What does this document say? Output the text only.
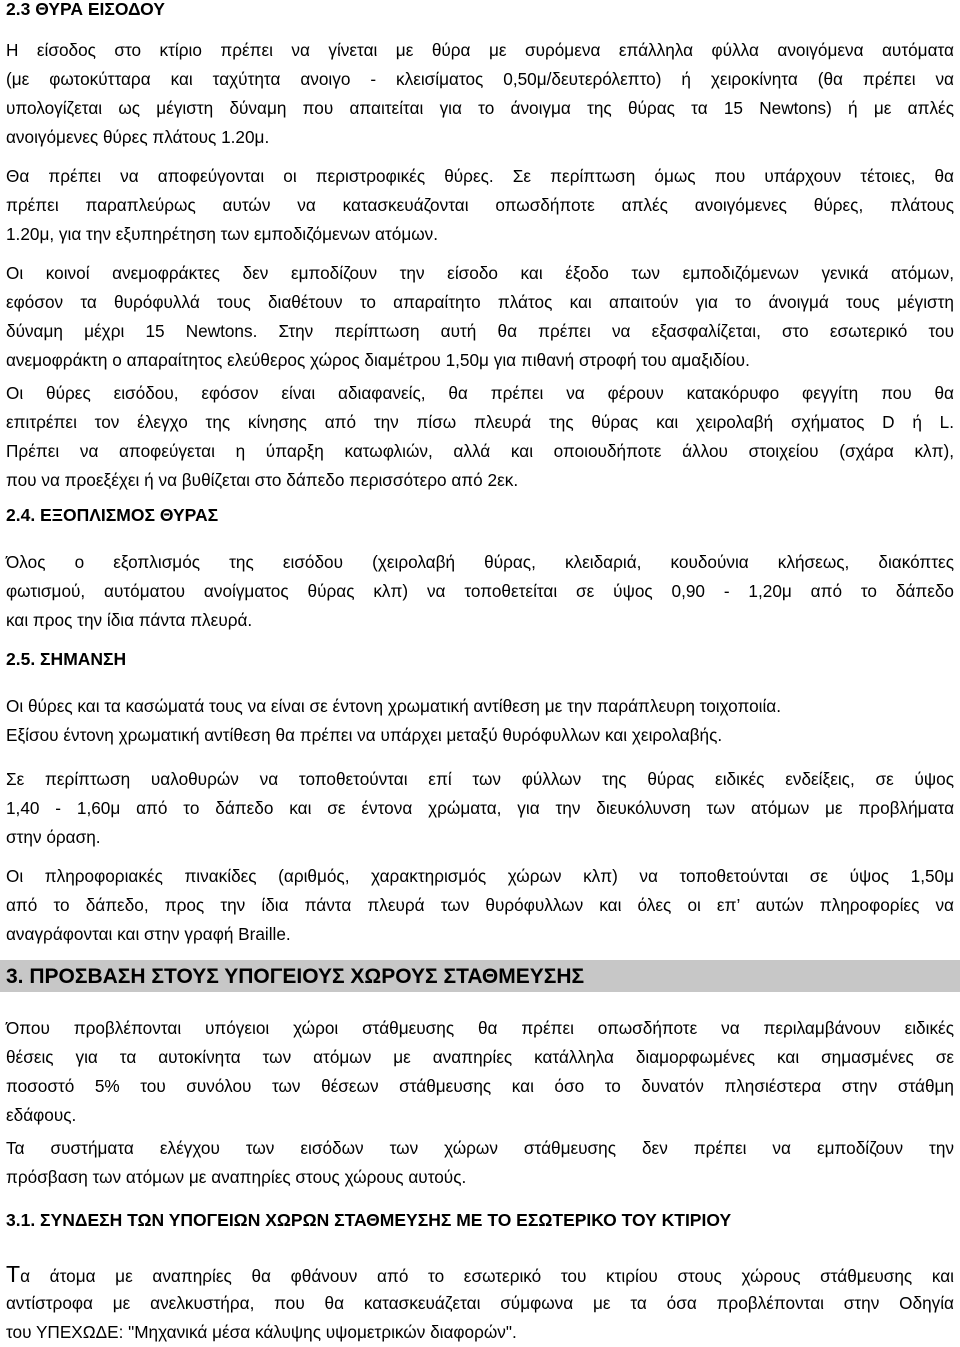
2.3 ΘΥΡΑ ΕΙΣΟΔΟΥ
Η είσοδος στο κτίριο πρέπει να γίνεται με θύρα με συρόμενα επάλληλα φύλλα ανοιγόμενα αυτόματα
(με φωτοκύτταρα και ταχύτητα ανοιγο - κλεισίματος 0,50μ/δευτερόλεπτο) ή χειροκίνητα (θα πρέπει να
υπολογίζεται ως μέγιστη δύναμη που απαιτείται για το άνοιγμα της θύρας τα 15 Newtons) ή με απλές
ανοιγόμενες θύρες πλάτους 1.20μ.
Θα πρέπει να αποφεύγονται οι περιστροφικές θύρες. Σε περίπτωση όμως που υπάρχουν τέτοιες, θα
πρέπει παραπλεύρως αυτών να κατασκευάζονται οπωσδήποτε απλές ανοιγόμενες θύρες, πλάτους
1.20μ, για την εξυπηρέτηση των εμποδιζόμενων ατόμων.
Οι κοινοί ανεμοφράκτες δεν εμποδίζουν την είσοδο και έξοδο των εμποδιζόμενων γενικά ατόμων,
εφόσον τα θυρόφυλλά τους διαθέτουν το απαραίτητο πλάτος και απαιτούν για το άνοιγμά τους μέγιστη
δύναμη μέχρι 15 Newtons. Στην περίπτωση αυτή θα πρέπει να εξασφαλίζεται, στο εσωτερικό του
ανεμοφράκτη ο απαραίτητος ελεύθερος χώρος διαμέτρου 1,50μ για πιθανή στροφή του αμαξιδίου.
Οι θύρες εισόδου, εφόσον είναι αδιαφανείς, θα πρέπει να φέρουν κατακόρυφο φεγγίτη που θα
επιτρέπει τον έλεγχο της κίνησης από την πίσω πλευρά της θύρας και χειρολαβή σχήματος D ή L.
Πρέπει να αποφεύγεται η ύπαρξη κατωφλιών, αλλά και οποιουδήποτε άλλου στοιχείου (σχάρα κλπ),
που να προεξέχει ή να βυθίζεται στο δάπεδο περισσότερο από 2εκ.
2.4. ΕΞΟΠΛΙΣΜΟΣ ΘΥΡΑΣ
Όλος ο εξοπλισμός της εισόδου (χειρολαβή θύρας, κλειδαριά, κουδούνια κλήσεως, διακόπτες
φωτισμού, αυτόματου ανοίγματος θύρας κλπ) να τοποθετείται σε ύψος 0,90 - 1,20μ από το δάπεδο
και προς την ίδια πάντα πλευρά.
2.5. ΣΗΜΑΝΣΗ
Οι θύρες και τα κασώματά τους να είναι σε έντονη χρωματική αντίθεση με την παράπλευρη τοιχοποιία.
Εξίσου έντονη χρωματική αντίθεση θα πρέπει να υπάρχει μεταξύ θυρόφυλλων και χειρολαβής.
Σε περίπτωση υαλοθυρών να τοποθετούνται επί των φύλλων της θύρας ειδικές ενδείξεις, σε ύψος
1,40 - 1,60μ από το δάπεδο και σε έντονα χρώματα, για την διευκόλυνση των ατόμων με προβλήματα
στην όραση.
Οι πληροφοριακές πινακίδες (αριθμός, χαρακτηρισμός χώρων κλπ) να τοποθετούνται σε ύψος 1,50μ
από το δάπεδο, προς την ίδια πάντα πλευρά των θυρόφυλλων και όλες οι επ’ αυτών πληροφορίες να
αναγράφονται και στην γραφή Braille.
3. ΠΡΟΣΒΑΣΗ ΣΤΟΥΣ ΥΠΟΓΕΙΟΥΣ ΧΩΡΟΥΣ ΣΤΑΘΜΕΥΣΗΣ
Όπου προβλέπονται υπόγειοι χώροι στάθμευσης θα πρέπει οπωσδήποτε να περιλαμβάνουν ειδικές
θέσεις για τα αυτοκίνητα των ατόμων με αναπηρίες κατάλληλα διαμορφωμένες και σημασμένες σε
ποσοστό 5% του συνόλου των θέσεων στάθμευσης και όσο το δυνατόν πλησιέστερα στην στάθμη
εδάφους.
Τα συστήματα ελέγχου των εισόδων των χώρων στάθμευσης δεν πρέπει να εμποδίζουν την
πρόσβαση των ατόμων με αναπηρίες στους χώρους αυτούς.
3.1. ΣΥΝΔΕΣΗ ΤΩΝ ΥΠΟΓΕΙΩΝ ΧΩΡΩΝ ΣΤΑΘΜΕΥΣΗΣ ΜΕ ΤΟ ΕΣΩΤΕΡΙΚΟ ΤΟΥ ΚΤΙΡΙΟΥ
Τα άτομα με αναπηρίες θα φθάνουν από το εσωτερικό του κτιρίου στους χώρους στάθμευσης και
αντίστροφα με ανελκυστήρα, που θα κατασκευάζεται σύμφωνα με τα όσα προβλέπονται στην Οδηγία
του ΥΠΕΧΩΔΕ: "Μηχανικά μέσα κάλυψης υψομετρικών διαφορών".
